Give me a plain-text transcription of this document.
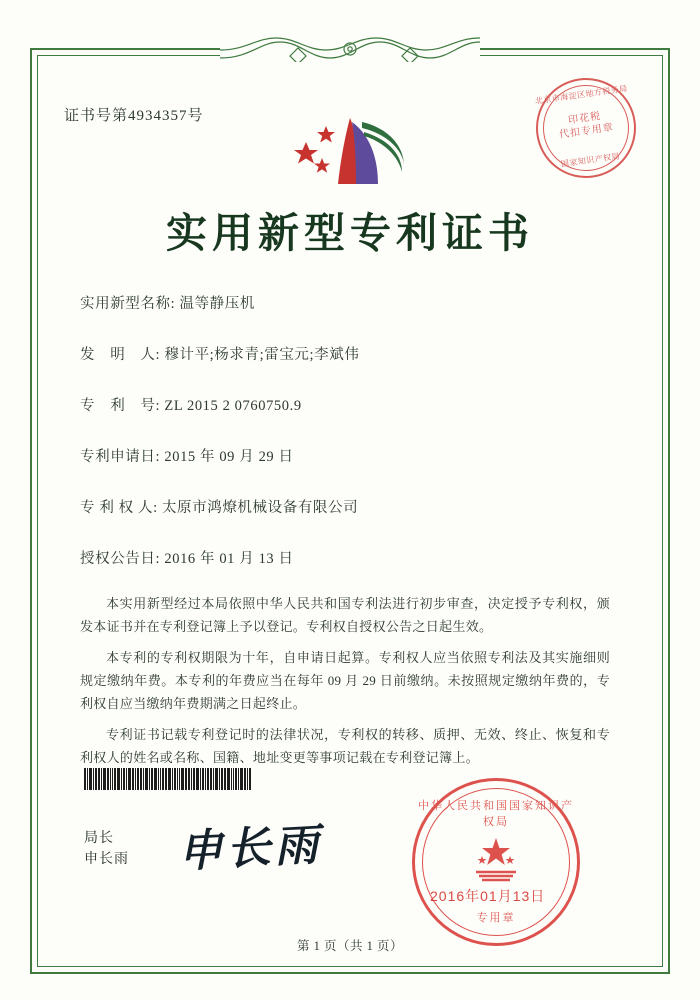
证书号第4934357号
北京市海淀区地方税务局
印花税
代扣专用章
国家知识产权局
实用新型专利证书
实用新型名称: 温等静压机
发　明　人: 穆计平;杨求青;雷宝元;李斌伟
专　利　号: ZL 2015 2 0760750.9
专利申请日: 2015 年 09 月 29 日
专 利 权 人: 太原市鸿燎机械设备有限公司
授权公告日: 2016 年 01 月 13 日

本实用新型经过本局依照中华人民共和国专利法进行初步审查，决定授予专利权，颁发本证书并在专利登记簿上予以登记。专利权自授权公告之日起生效。

本专利的专利权期限为十年，自申请日起算。专利权人应当依照专利法及其实施细则规定缴纳年费。本专利的年费应当在每年 09 月 29 日前缴纳。未按照规定缴纳年费的，专利权自应当缴纳年费期满之日起终止。

专利证书记载专利登记时的法律状况，专利权的转移、质押、无效、终止、恢复和专利权人的姓名或名称、国籍、地址变更等事项记载在专利登记簿上。

局长
申长雨 申长雨
中华人民共和国国家知识产权局
专用章
2016年01月13日
第 1 页（共 1 页）
